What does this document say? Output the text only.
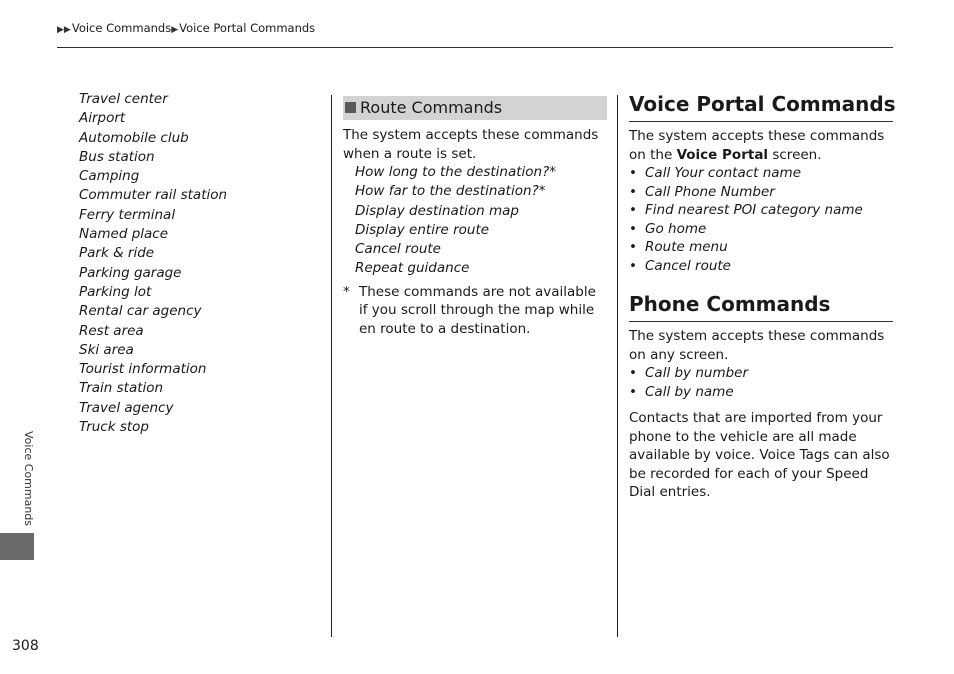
▶▶Voice Commands▶Voice Portal Commands
Travel center
Airport
Automobile club
Bus station
Camping
Commuter rail station
Ferry terminal
Named place
Park & ride
Parking garage
Parking lot
Rental car agency
Rest area
Ski area
Tourist information
Train station
Travel agency
Truck stop
Route Commands
The system accepts these commands when a route is set.
How long to the destination?*
How far to the destination?*
Display destination map
Display entire route
Cancel route
Repeat guidance
* These commands are not available if you scroll through the map while en route to a destination.
Voice Portal Commands
The system accepts these commands on the Voice Portal screen.
• Call Your contact name
• Call Phone Number
• Find nearest POI category name
• Go home
• Route menu
• Cancel route
Phone Commands
The system accepts these commands on any screen.
• Call by number
• Call by name
Contacts that are imported from your phone to the vehicle are all made available by voice. Voice Tags can also be recorded for each of your Speed Dial entries.
Voice Commands
308
